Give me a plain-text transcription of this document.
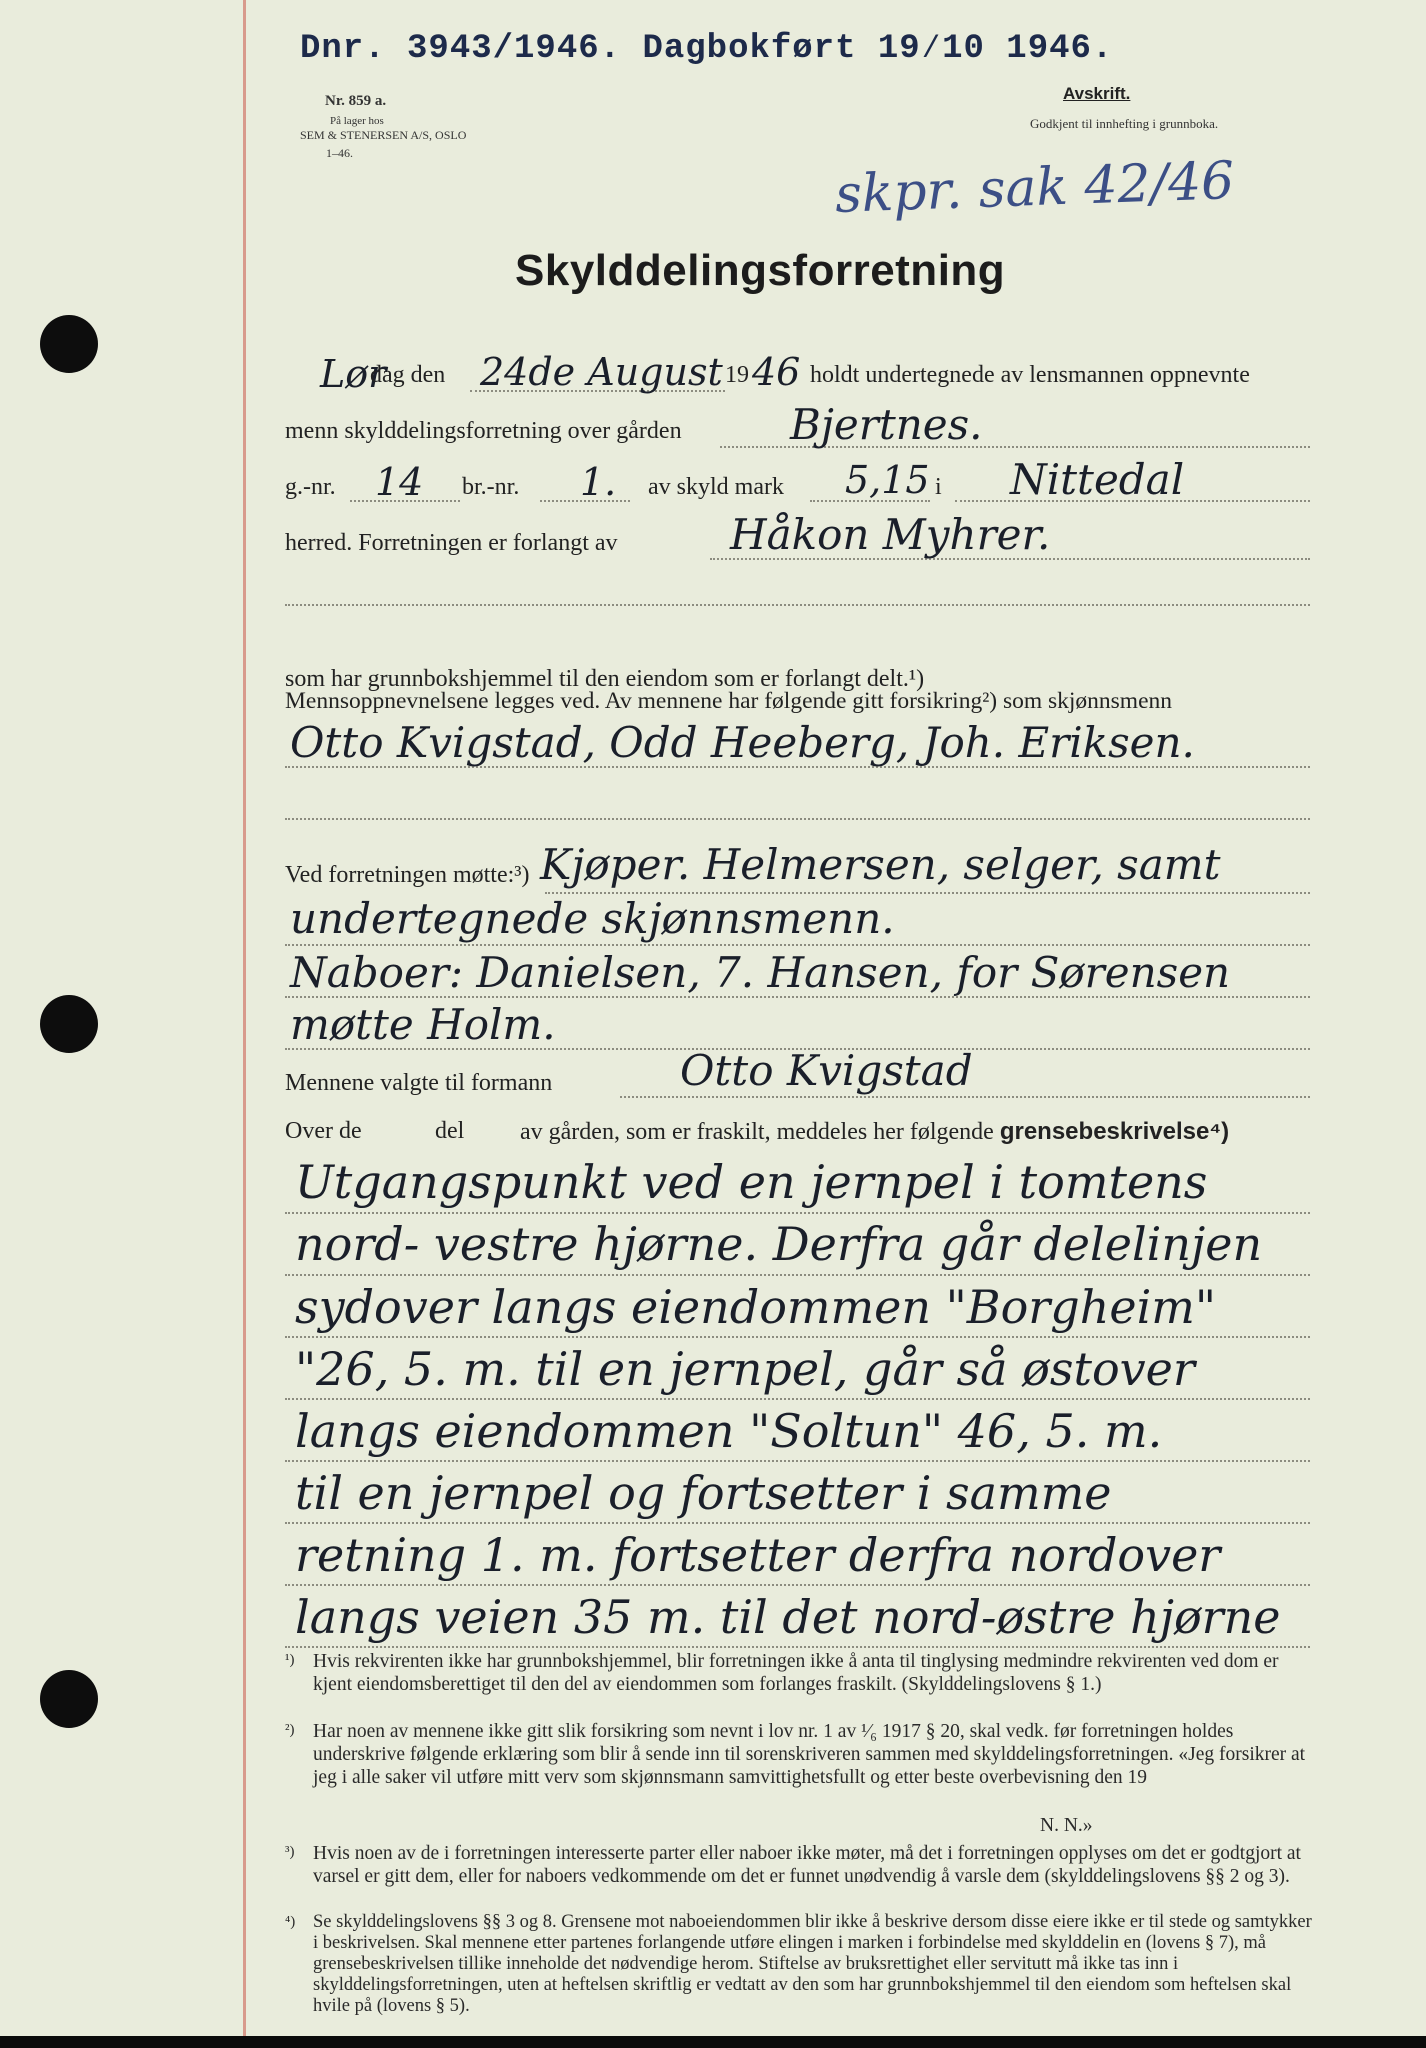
Dnr. 3943/1946. Dagbokført 19⁄10 1946.
Nr. 859 a.
På lager hos
SEM & STENERSEN A/S, OSLO
1–46.
Avskrift.
Godkjent til innhefting i grunnboka.
skpr. sak 42/46
Skylddelingsforretning
Lør
dag den 24de August 19 46 holdt undertegnede av lensmannen oppnevnte
menn skylddelingsforretning over gården	Bjertnes.
g.-nr. 14 br.-nr. 1. av skyld mark 5,15 i Nittedal
herred. Forretningen er forlangt av	Håkon Myhrer.
som har grunnbokshjemmel til den eiendom som er forlangt delt.¹)
Mennsoppnevnelsene legges ved. Av mennene har følgende gitt forsikring²) som skjønnsmenn
Otto Kvigstad, Odd Heeberg, Joh. Eriksen.
Ved forretningen møtte:³) Kjøper. Helmersen, selger, samt
undertegnede skjønnsmenn.
Naboer: Danielsen, 7. Hansen, for Sørensen
møtte Holm.
Mennene valgte til formann	Otto Kvigstad
Over de	del av gården, som er fraskilt, meddeles her følgende grensebeskrivelse⁴)
Utgangspunkt ved en jernpel i tomtens
nord- vestre hjørne. Derfra går delelinjen
sydover langs eiendommen "Borgheim"
"26, 5. m. til en jernpel, går så østover
langs eiendommen "Soltun" 46, 5. m.
til en jernpel og fortsetter i samme
retning 1. m. fortsetter derfra nordover
langs veien 35 m. til det nord-østre hjørne
¹) Hvis rekvirenten ikke har grunnbokshjemmel, blir forretningen ikke å anta til tinglysing medmindre rekvirenten ved dom er kjent eiendomsberettiget til den del av eiendommen som forlanges fraskilt. (Skylddelingslovens § 1.)
²) Har noen av mennene ikke gitt slik forsikring som nevnt i lov nr. 1 av ¹⁄₆ 1917 § 20, skal vedk. før forretningen holdes underskrive følgende erklæring som blir å sende inn til sorenskriveren sammen med skylddelingsforretningen. «Jeg forsikrer at jeg i alle saker vil utføre mitt verv som skjønnsmann samvittighetsfullt og etter beste overbevisning den 19
N. N.»
³) Hvis noen av de i forretningen interesserte parter eller naboer ikke møter, må det i forretningen opplyses om det er godtgjort at varsel er gitt dem, eller for naboers vedkommende om det er funnet unødvendig å varsle dem (skylddelingslovens §§ 2 og 3).
⁴) Se skylddelingslovens §§ 3 og 8. Grensene mot naboeiendommen blir ikke å beskrive dersom disse eiere ikke er til stede og samtykker i beskrivelsen. Skal mennene etter partenes forlangende utføre elingen i marken i forbindelse med skylddelin en (lovens § 7), må grensebeskrivelsen tillike inneholde det nødvendige herom. Stiftelse av bruksrettighet eller servitutt må ikke tas inn i skylddelingsforretningen, uten at heftelsen skriftlig er vedtatt av den som har grunnbokshjemmel til den eiendom som heftelsen skal hvile på (lovens § 5).
